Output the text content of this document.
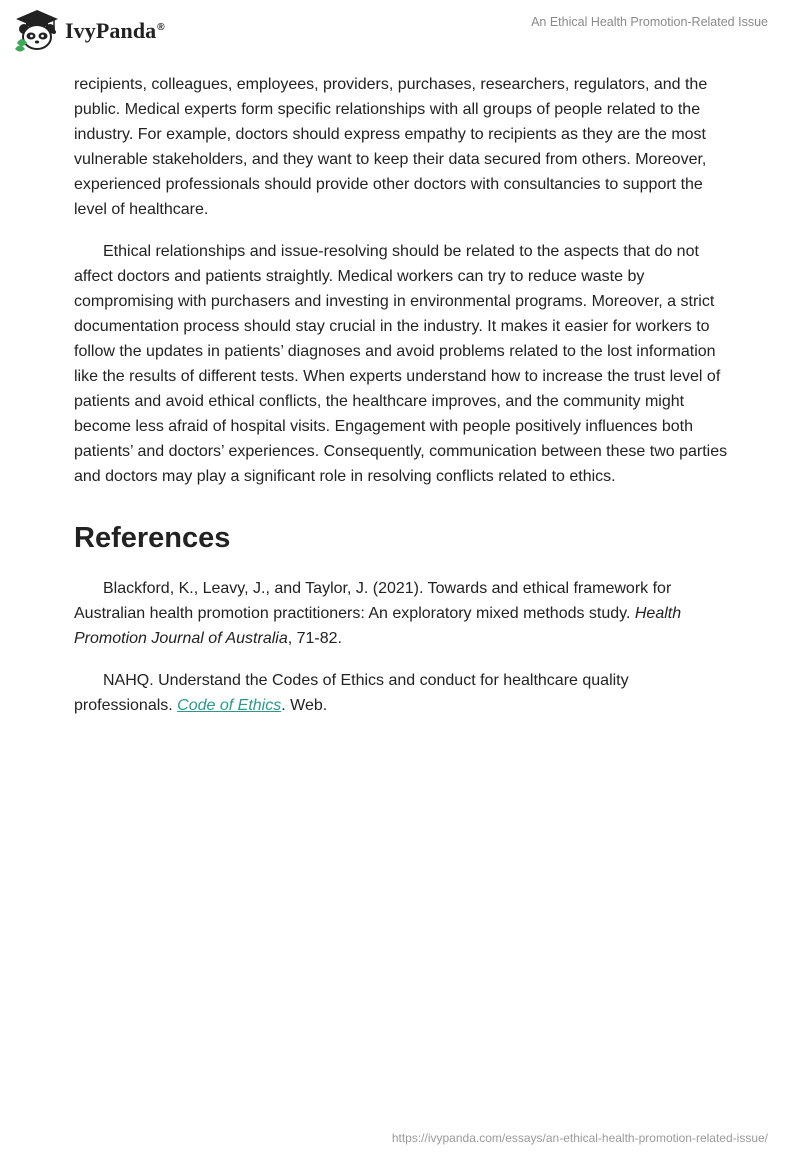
IvyPanda®	An Ethical Health Promotion-Related Issue

recipients, colleagues, employees, providers, purchases, researchers, regulators, and the public. Medical experts form specific relationships with all groups of people related to the industry. For example, doctors should express empathy to recipients as they are the most vulnerable stakeholders, and they want to keep their data secured from others. Moreover, experienced professionals should provide other doctors with consultancies to support the level of healthcare.

Ethical relationships and issue-resolving should be related to the aspects that do not affect doctors and patients straightly. Medical workers can try to reduce waste by compromising with purchasers and investing in environmental programs. Moreover, a strict documentation process should stay crucial in the industry. It makes it easier for workers to follow the updates in patients’ diagnoses and avoid problems related to the lost information like the results of different tests. When experts understand how to increase the trust level of patients and avoid ethical conflicts, the healthcare improves, and the community might become less afraid of hospital visits. Engagement with people positively influences both patients’ and doctors’ experiences. Consequently, communication between these two parties and doctors may play a significant role in resolving conflicts related to ethics.

References

Blackford, K., Leavy, J., and Taylor, J. (2021). Towards and ethical framework for Australian health promotion practitioners: An exploratory mixed methods study. Health Promotion Journal of Australia, 71-82.

NAHQ. Understand the Codes of Ethics and conduct for healthcare quality professionals. Code of Ethics. Web.

https://ivypanda.com/essays/an-ethical-health-promotion-related-issue/
